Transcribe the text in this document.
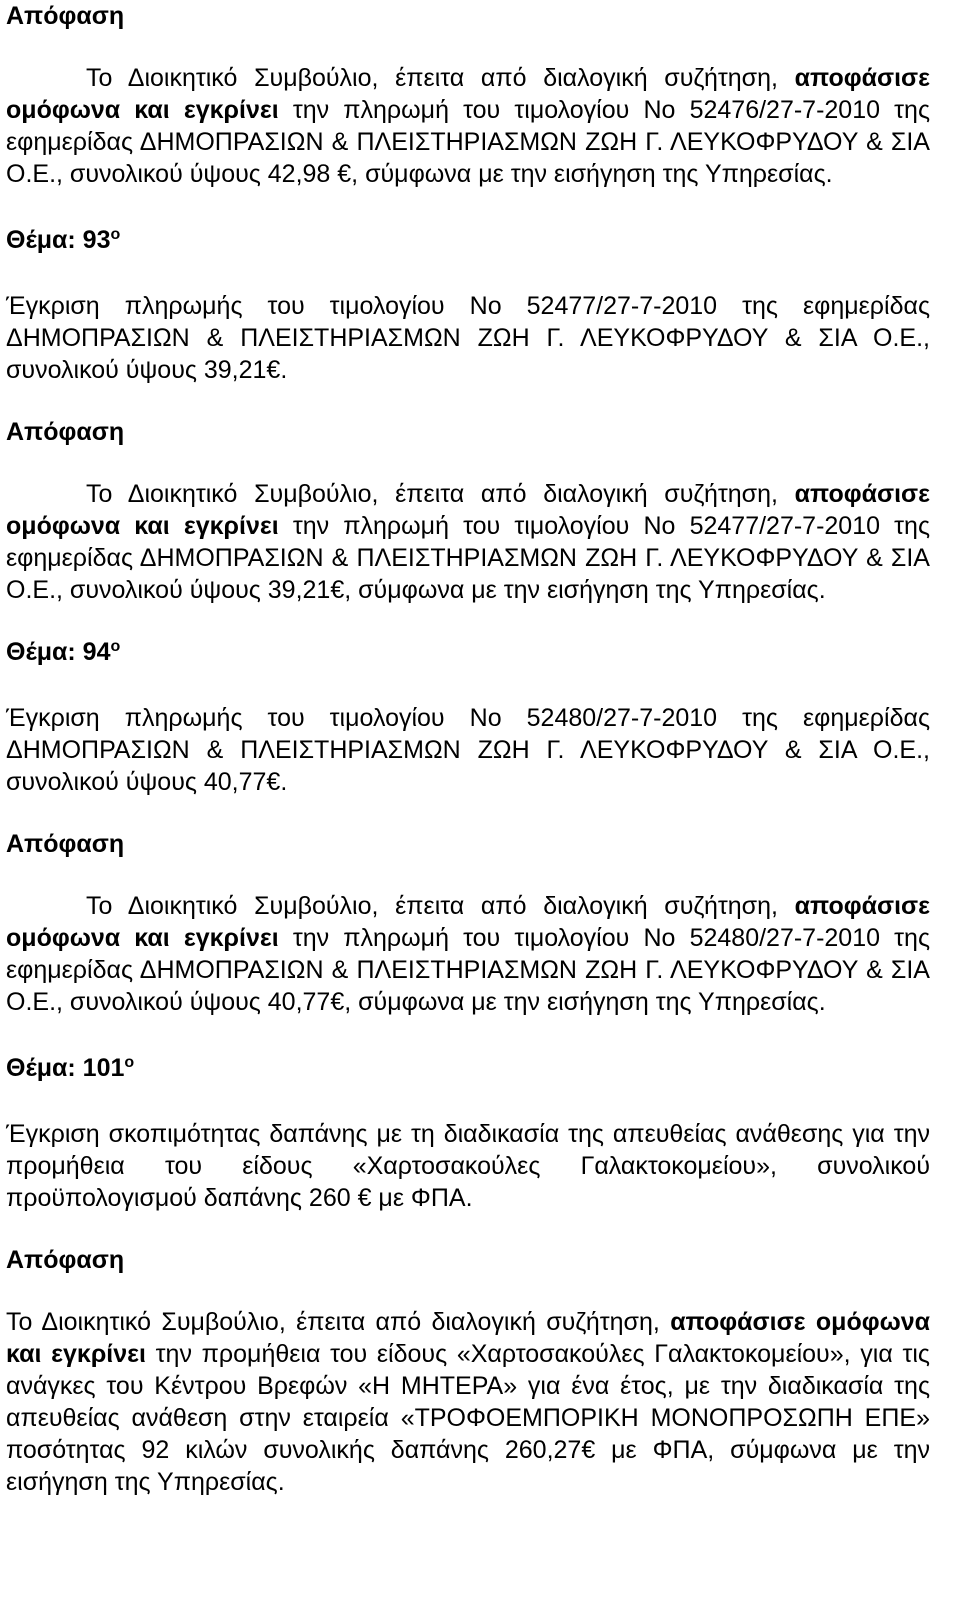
Απόφαση

Το Διοικητικό Συμβούλιο, έπειτα από διαλογική συζήτηση, αποφάσισε ομόφωνα και εγκρίνει την πληρωμή του τιμολογίου Νο 52476/27-7-2010 της εφημερίδας ΔΗΜΟΠΡΑΣΙΩΝ & ΠΛΕΙΣΤΗΡΙΑΣΜΩΝ ΖΩΗ Γ. ΛΕΥΚΟΦΡΥΔΟΥ & ΣΙΑ Ο.Ε., συνολικού ύψους 42,98 €, σύμφωνα με την εισήγηση της Υπηρεσίας.

Θέμα: $93^o$

Έγκριση πληρωμής του τιμολογίου Νο 52477/27-7-2010 της εφημερίδας ΔΗΜΟΠΡΑΣΙΩΝ & ΠΛΕΙΣΤΗΡΙΑΣΜΩΝ ΖΩΗ Γ. ΛΕΥΚΟΦΡΥΔΟΥ & ΣΙΑ Ο.Ε., συνολικού ύψους 39,21€.

Απόφαση

Το Διοικητικό Συμβούλιο, έπειτα από διαλογική συζήτηση, αποφάσισε ομόφωνα και εγκρίνει την πληρωμή του τιμολογίου Νο 52477/27-7-2010 της εφημερίδας ΔΗΜΟΠΡΑΣΙΩΝ & ΠΛΕΙΣΤΗΡΙΑΣΜΩΝ ΖΩΗ Γ. ΛΕΥΚΟΦΡΥΔΟΥ & ΣΙΑ Ο.Ε., συνολικού ύψους 39,21€, σύμφωνα με την εισήγηση της Υπηρεσίας.

Θέμα: $94^o$

Έγκριση πληρωμής του τιμολογίου Νο 52480/27-7-2010 της εφημερίδας ΔΗΜΟΠΡΑΣΙΩΝ & ΠΛΕΙΣΤΗΡΙΑΣΜΩΝ ΖΩΗ Γ. ΛΕΥΚΟΦΡΥΔΟΥ & ΣΙΑ Ο.Ε., συνολικού ύψους 40,77€.

Απόφαση

Το Διοικητικό Συμβούλιο, έπειτα από διαλογική συζήτηση, αποφάσισε ομόφωνα και εγκρίνει την πληρωμή του τιμολογίου Νο 52480/27-7-2010 της εφημερίδας ΔΗΜΟΠΡΑΣΙΩΝ & ΠΛΕΙΣΤΗΡΙΑΣΜΩΝ ΖΩΗ Γ. ΛΕΥΚΟΦΡΥΔΟΥ & ΣΙΑ Ο.Ε., συνολικού ύψους 40,77€, σύμφωνα με την εισήγηση της Υπηρεσίας.

Θέμα: $101^o$

Έγκριση σκοπιμότητας δαπάνης με τη διαδικασία της απευθείας ανάθεσης για την προμήθεια του είδους «Χαρτοσακούλες Γαλακτοκομείου», συνολικού προϋπολογισμού δαπάνης 260 € με ΦΠΑ.

Απόφαση

Το Διοικητικό Συμβούλιο, έπειτα από διαλογική συζήτηση, αποφάσισε ομόφωνα και εγκρίνει την προμήθεια του είδους «Χαρτοσακούλες Γαλακτοκομείου», για τις ανάγκες του Κέντρου Βρεφών «Η ΜΗΤΕΡΑ» για ένα έτος, με την διαδικασία της απευθείας ανάθεση στην εταιρεία «ΤΡΟΦΟΕΜΠΟΡΙΚΗ ΜΟΝΟΠΡΟΣΩΠΗ ΕΠΕ» ποσότητας 92 κιλών συνολικής δαπάνης 260,27€ με ΦΠΑ, σύμφωνα με την εισήγηση της Υπηρεσίας.
